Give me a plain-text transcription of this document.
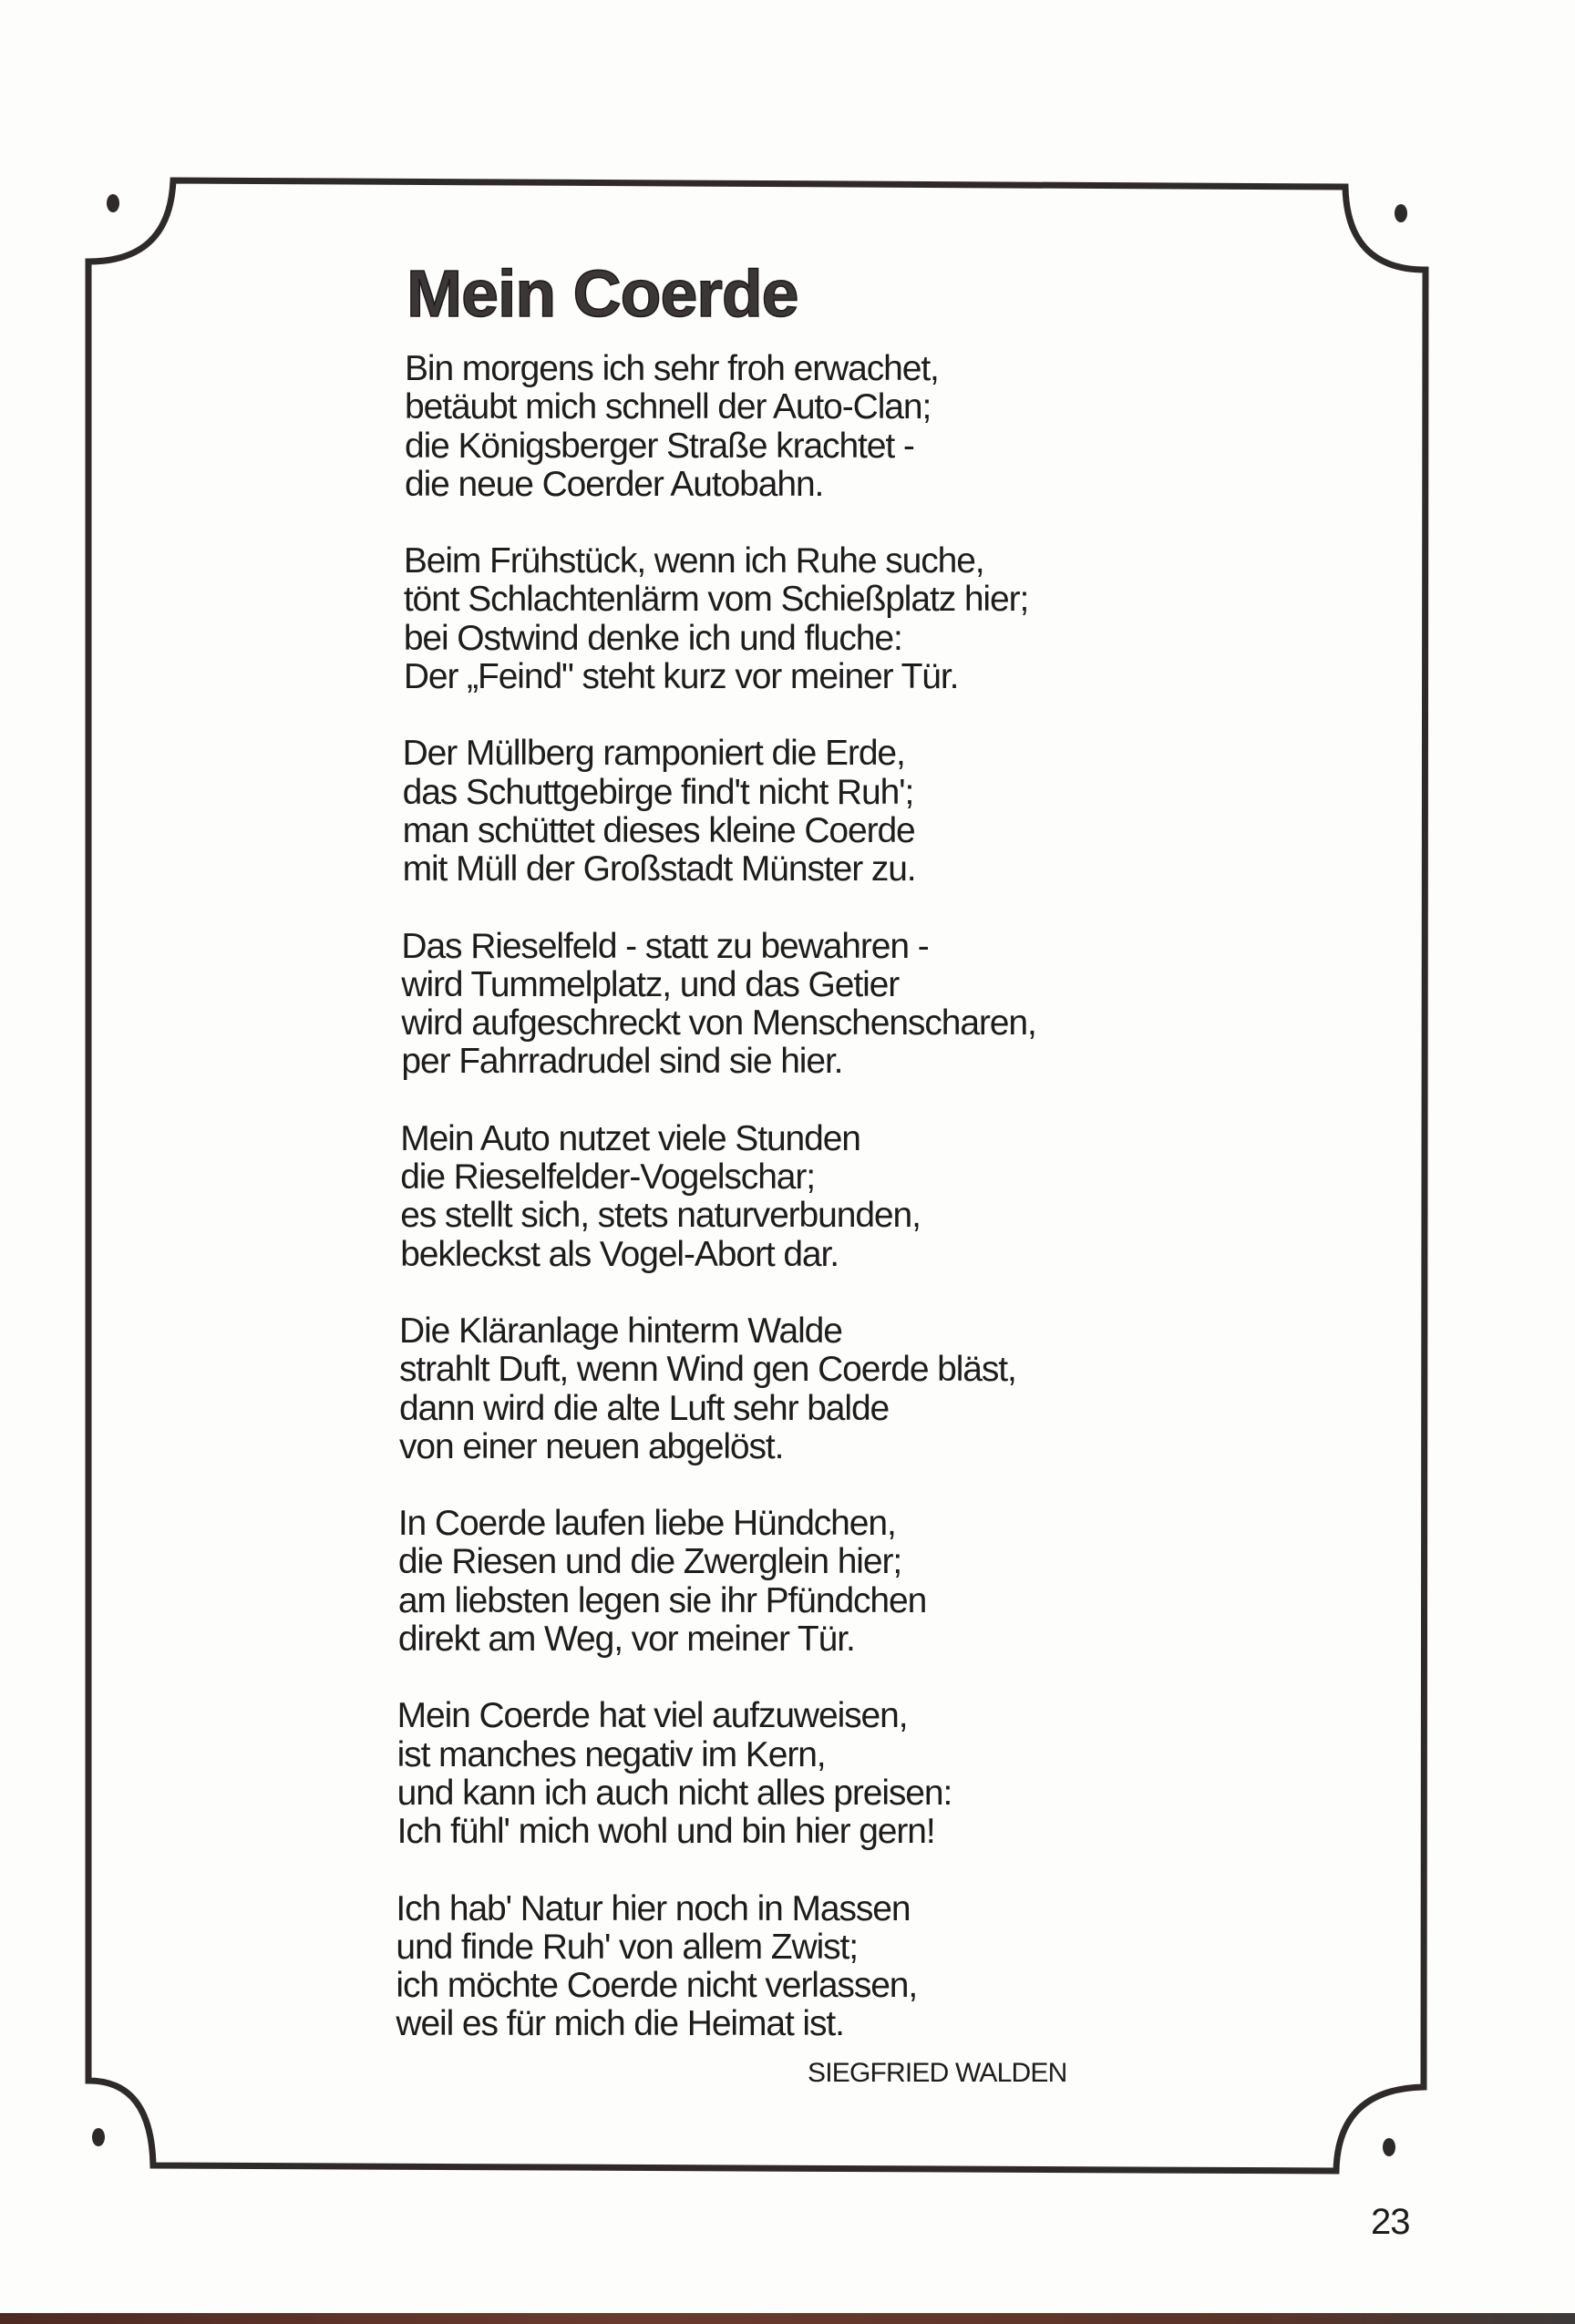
Mein Coerde
Bin morgens ich sehr froh erwachet,
betäubt mich schnell der Auto-Clan;
die Königsberger Straße krachtet -
die neue Coerder Autobahn.
Beim Frühstück, wenn ich Ruhe suche,
tönt Schlachtenlärm vom Schießplatz hier;
bei Ostwind denke ich und fluche:
Der „Feind" steht kurz vor meiner Tür.
Der Müllberg ramponiert die Erde,
das Schuttgebirge find't nicht Ruh';
man schüttet dieses kleine Coerde
mit Müll der Großstadt Münster zu.
Das Rieselfeld - statt zu bewahren -
wird Tummelplatz, und das Getier
wird aufgeschreckt von Menschenscharen,
per Fahrradrudel sind sie hier.
Mein Auto nutzet viele Stunden
die Rieselfelder-Vogelschar;
es stellt sich, stets naturverbunden,
bekleckst als Vogel-Abort dar.
Die Kläranlage hinterm Walde
strahlt Duft, wenn Wind gen Coerde bläst,
dann wird die alte Luft sehr balde
von einer neuen abgelöst.
In Coerde laufen liebe Hündchen,
die Riesen und die Zwerglein hier;
am liebsten legen sie ihr Pfündchen
direkt am Weg, vor meiner Tür.
Mein Coerde hat viel aufzuweisen,
ist manches negativ im Kern,
und kann ich auch nicht alles preisen:
Ich fühl' mich wohl und bin hier gern!
Ich hab' Natur hier noch in Massen
und finde Ruh' von allem Zwist;
ich möchte Coerde nicht verlassen,
weil es für mich die Heimat ist.
SIEGFRIED WALDEN
23
